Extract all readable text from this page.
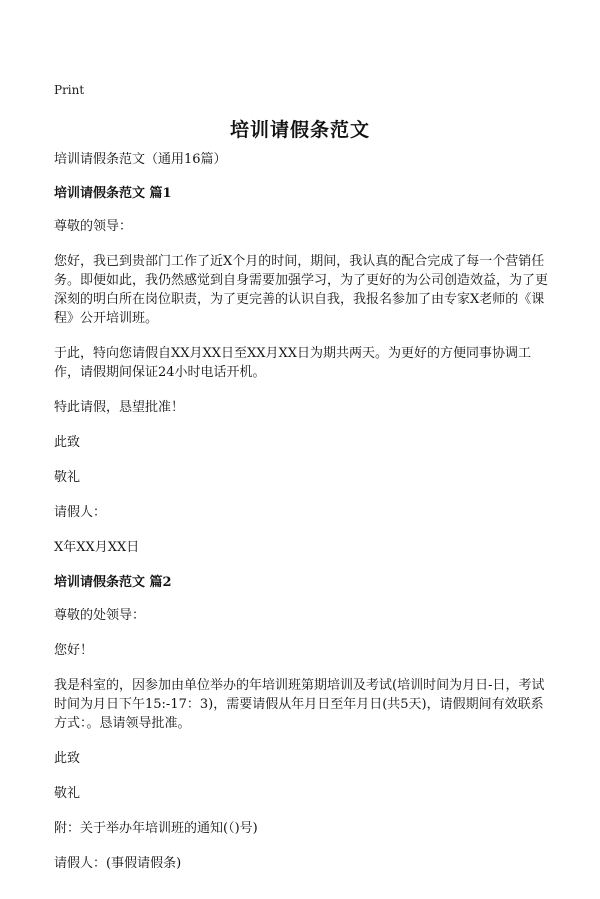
Print
培训请假条范文

培训请假条范文（通用16篇）

培训请假条范文 篇1

尊敬的领导：

您好，我已到贵部门工作了近X个月的时间，期间，我认真的配合完成了每一个营销任务。即便如此，我仍然感觉到自身需要加强学习，为了更好的为公司创造效益，为了更深刻的明白所在岗位职责，为了更完善的认识自我，我报名参加了由专家X老师的《课程》公开培训班。

于此，特向您请假自XX月XX日至XX月XX日为期共两天。为更好的方便同事协调工作，请假期间保证24小时电话开机。

特此请假，恳望批准！

此致

敬礼

请假人：

X年XX月XX日

培训请假条范文 篇2

尊敬的处领导：

您好！

我是科室的，因参加由单位举办的年培训班第期培训及考试(培训时间为月日-日，考试时间为月日下午15:-17：3)，需要请假从年月日至年月日(共5天)，请假期间有效联系方式：。恳请领导批准。

此致

敬礼

附：关于举办年培训班的通知(（)号)

请假人：(事假请假条)
